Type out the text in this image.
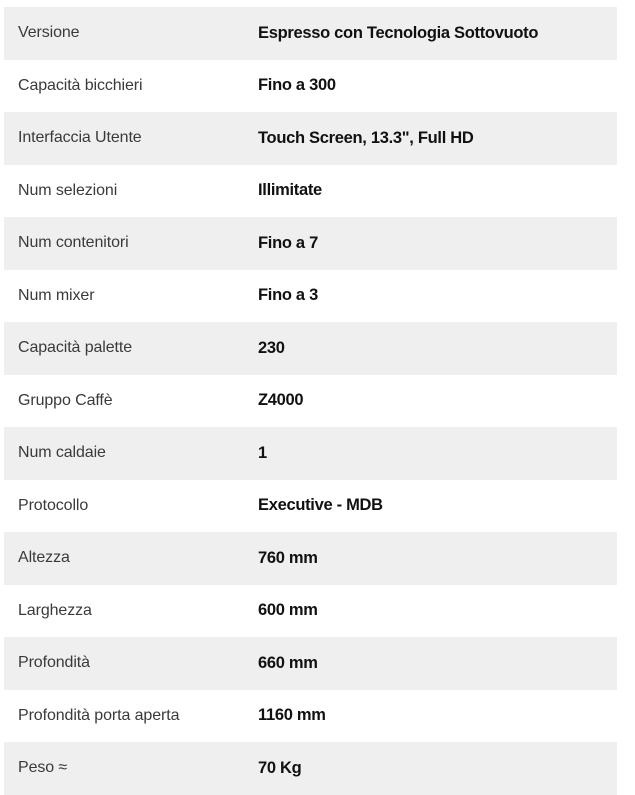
Versione	Espresso con Tecnologia Sottovuoto
Capacità bicchieri	Fino a 300
Interfaccia Utente	Touch Screen, 13.3", Full HD
Num selezioni	Illimitate
Num contenitori	Fino a 7
Num mixer	Fino a 3
Capacità palette	230
Gruppo Caffè	Z4000
Num caldaie	1
Protocollo	Executive - MDB
Altezza	760 mm
Larghezza	600 mm
Profondità	660 mm
Profondità porta aperta	1160 mm
Peso ≈	70 Kg
